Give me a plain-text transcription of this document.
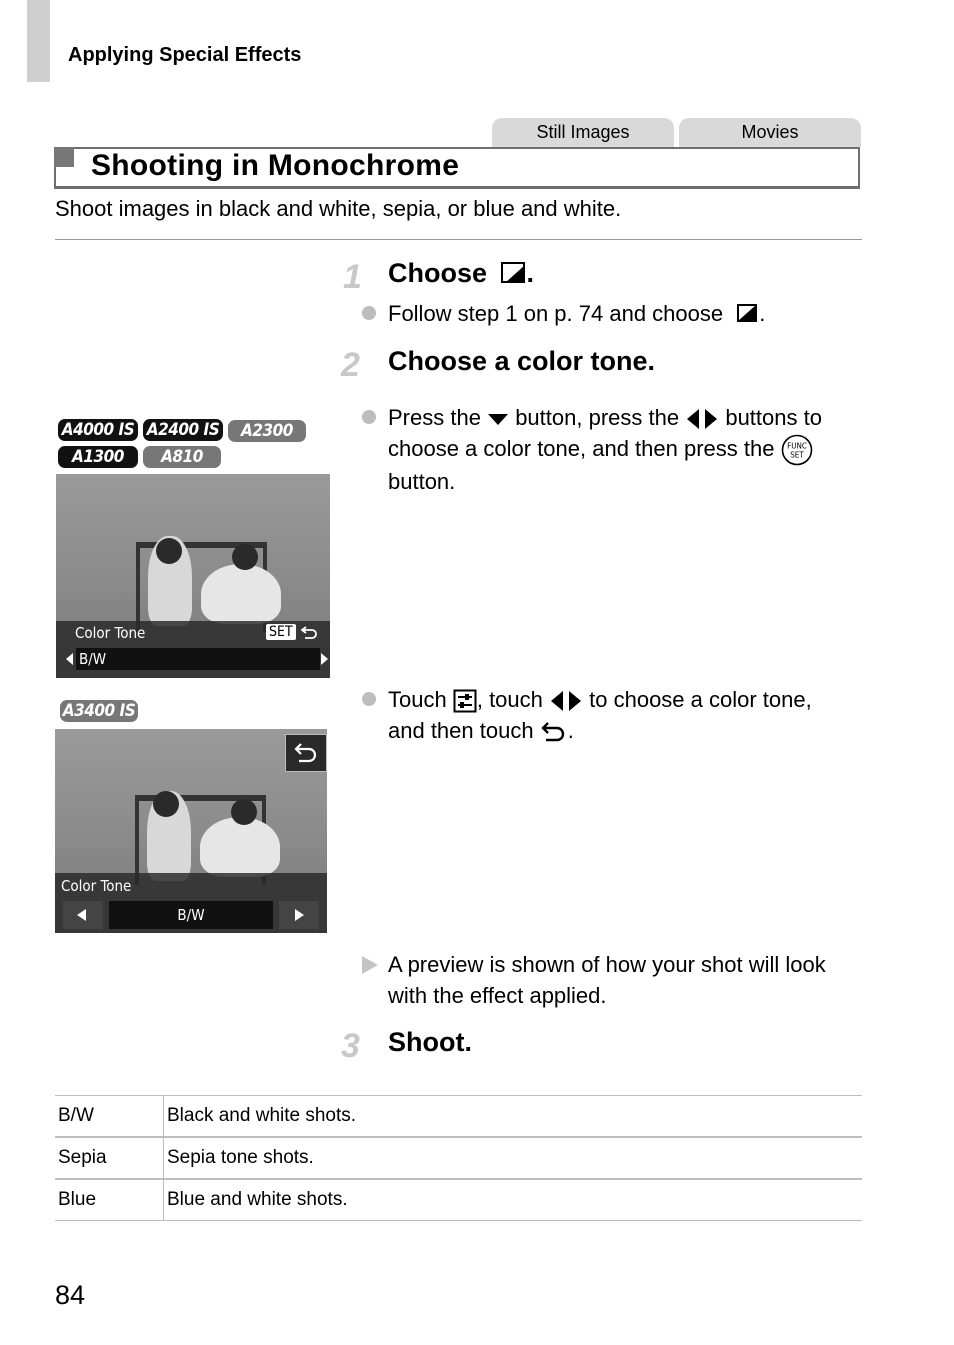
Applying Special Effects
Still Images	Movies
Shooting in Monochrome
Shoot images in black and white, sepia, or blue and white.
1 Choose .
Follow step 1 on p. 74 and choose .
2 Choose a color tone.
Press the button, press the buttons to
choose a color tone, and then press the FUNC
SET
button.
A4000 IS A2400 IS	A2300
A1300	A810
Color Tone	SET
B/W
Touch , touch to choose a color tone,
and then touch .
A3400 IS
Color Tone
B/W
A preview is shown of how your shot will look
with the effect applied.
3 Shoot.
B/W	Black and white shots.
Sepia	Sepia tone shots.
Blue	Blue and white shots.
84
